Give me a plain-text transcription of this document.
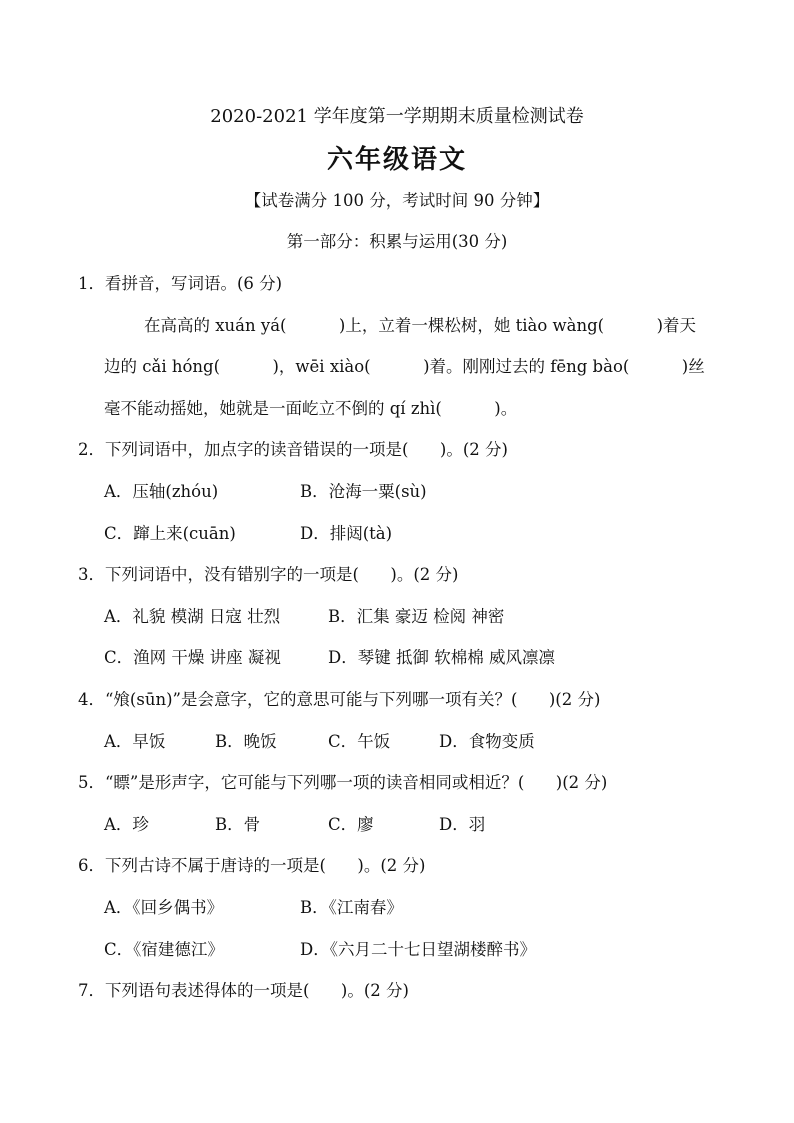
2020-2021 学年度第一学期期末质量检测试卷
六年级语文
【试卷满分 100 分，考试时间 90 分钟】
第一部分：积累与运用(30 分)
1．看拼音，写词语。(6 分)
在高高的 xuán yá(          )上，立着一棵松树，她 tiào wàng(          )着天
边的 cǎi hóng(          )，wēi xiào(          )着。刚刚过去的 fēng bào(          )丝
毫不能动摇她，她就是一面屹立不倒的 qí zhì(          )。
2．下列词语中，加点字的读音错误的一项是(      )。(2 分)
A．压轴(zhóu)	B．沧海一粟(sù)
C．蹿上来(cuān)	D．排闼(tà)
3．下列词语中，没有错别字的一项是(      )。(2 分)
A．礼貌 模湖 日寇 壮烈	B．汇集 豪迈 检阅 神密
C．渔网 干燥 讲座 凝视	D．琴键 抵御 软棉棉 威风凛凛
4．“飧(sūn)”是会意字，它的意思可能与下列哪一项有关？(      )(2 分)
A．早饭	B．晚饭	C．午饭	D．食物变质
5．“瞟”是形声字，它可能与下列哪一项的读音相同或相近？(      )(2 分)
A．珍	B．骨	C．廖	D．羽
6．下列古诗不属于唐诗的一项是(      )。(2 分)
A．《回乡偶书》	B．《江南春》
C．《宿建德江》	D．《六月二十七日望湖楼醉书》
7．下列语句表述得体的一项是(      )。(2 分)
